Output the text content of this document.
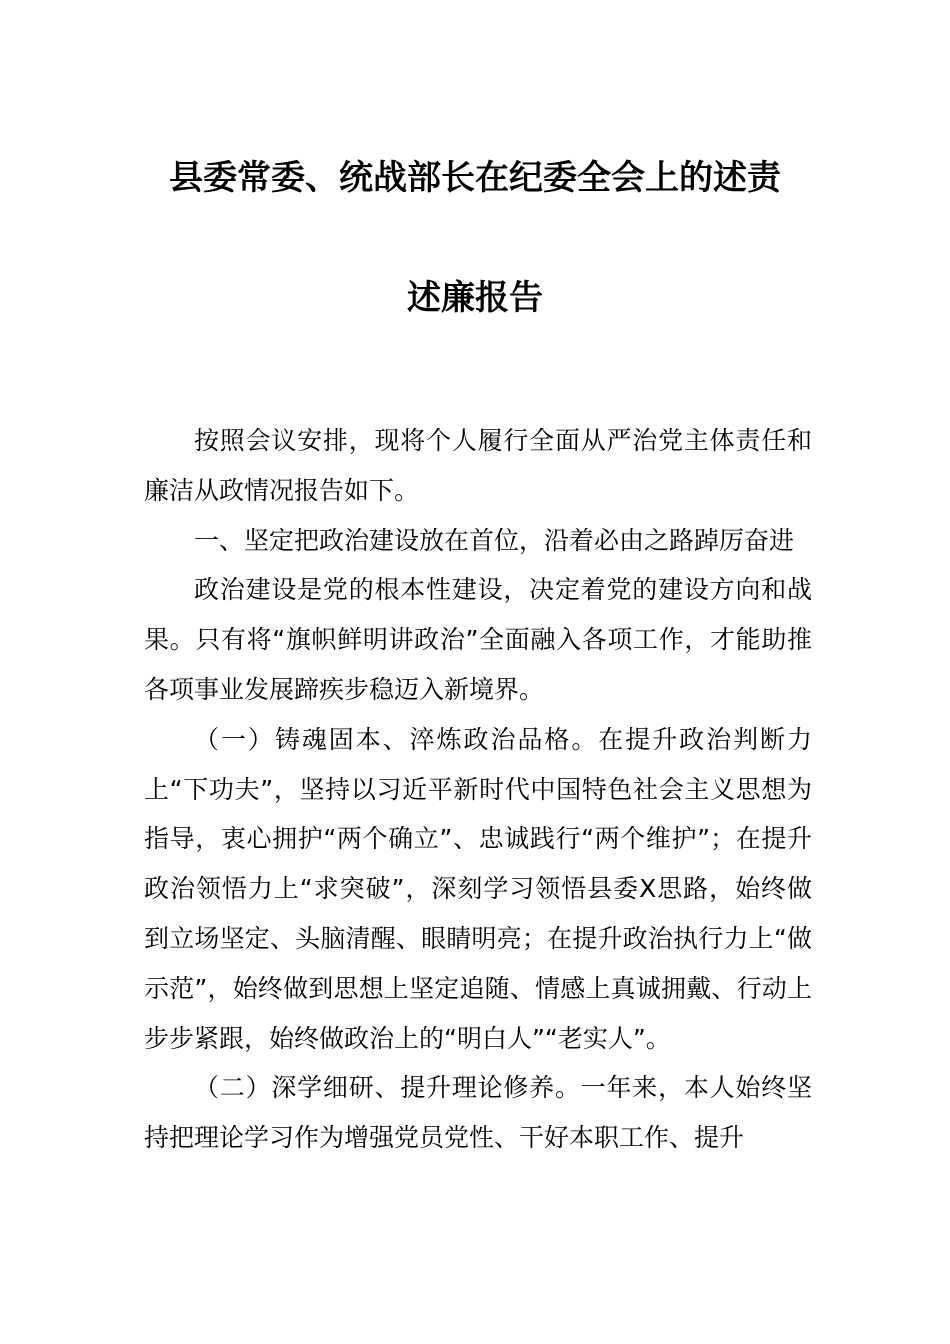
县委常委、统战部长在纪委全会上的述责
述廉报告

按照会议安排，现将个人履行全面从严治党主体责任和廉洁从政情况报告如下。

一、坚定把政治建设放在首位，沿着必由之路踔厉奋进

政治建设是党的根本性建设，决定着党的建设方向和战果。只有将“旗帜鲜明讲政治”全面融入各项工作，才能助推各项事业发展蹄疾步稳迈入新境界。

（一）铸魂固本、淬炼政治品格。在提升政治判断力上“下功夫”，坚持以习近平新时代中国特色社会主义思想为指导，衷心拥护“两个确立”、忠诚践行“两个维护”；在提升政治领悟力上“求突破”，深刻学习领悟县委X思路，始终做到立场坚定、头脑清醒、眼睛明亮；在提升政治执行力上“做示范”，始终做到思想上坚定追随、情感上真诚拥戴、行动上步步紧跟，始终做政治上的“明白人”“老实人”。

（二）深学细研、提升理论修养。一年来，本人始终坚持把理论学习作为增强党员党性、干好本职工作、提升
